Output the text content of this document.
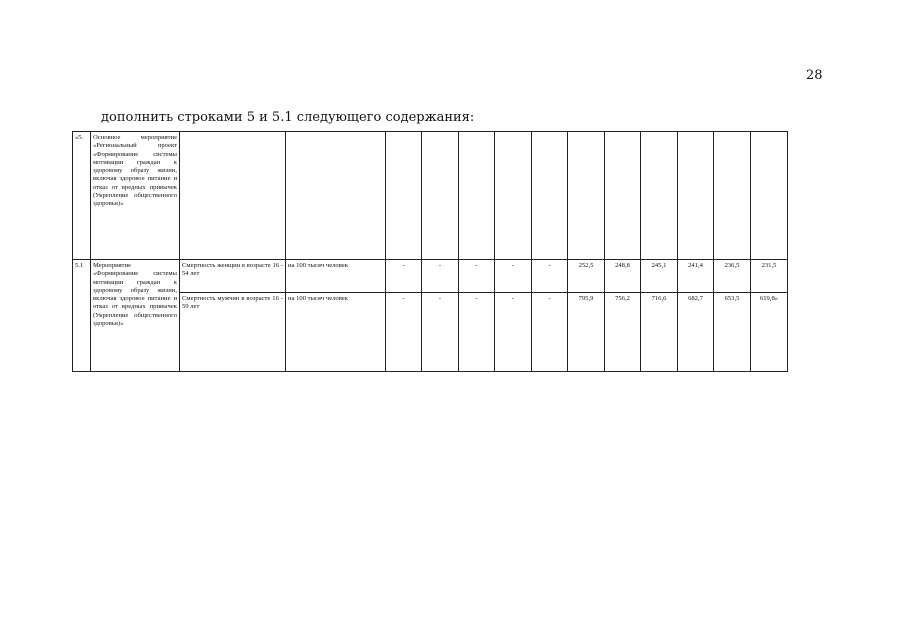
28
дополнить строками 5 и 5.1 следующего содержания:
«5.	Основное мероприятие «Региональный проект «Формирование системы мотивации граждан к здоровому образу жизни, включая здоровое питание и отказ от вредных привычек (Укрепление общественного здоровья)»													
5.1	Мероприятие «Формирование системы мотивации граждан к здоровому образу жизни, включая здоровое питание и отказ от вредных привычек (Укрепление общественного здоровья)»	Смертность женщин в возрасте 16 - 54 лет	на 100 тысяч человек	-	-	-	-	-	252,5	248,8	245,1	241,4	236,5	231,5
		Смертность мужчин в возрасте 16 - 59 лет	на 100 тысяч человек	-	-	-	-	-	795,9	756,2	716,6	682,7	653,5	619,8»
